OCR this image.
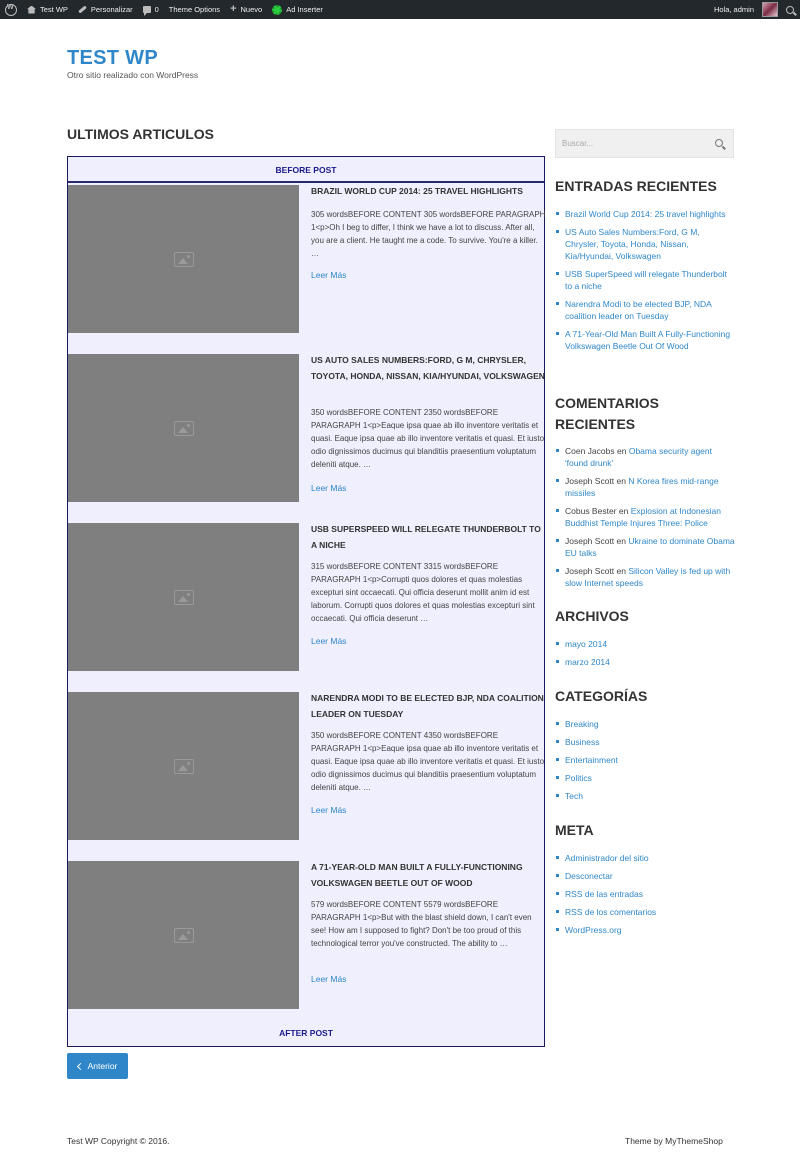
W
Test WP	Personalizar	0 Theme Options + Nuevo	Ad Inserter	Hola, admin
TEST WP
Otro sitio realizado con WordPress
ULTIMOS ARTICULOS
BEFORE POST
BRAZIL WORLD CUP 2014: 25 TRAVEL HIGHLIGHTS
305 wordsBEFORE CONTENT 305 wordsBEFORE PARAGRAPH 1<p>Oh I beg to differ, I think we have a lot to discuss. After all, you are a client. He taught me a code. To survive. You're a killer. …
Leer Más
US AUTO SALES NUMBERS:FORD, G M, CHRYSLER, TOYOTA, HONDA, NISSAN, KIA/HYUNDAI, VOLKSWAGEN
350 wordsBEFORE CONTENT 2350 wordsBEFORE PARAGRAPH 1<p>Eaque ipsa quae ab illo inventore veritatis et quasi. Eaque ipsa quae ab illo inventore veritatis et quasi. Et iusto odio dignissimos ducimus qui blanditiis praesentium voluptatum deleniti atque. …
Leer Más
USB SUPERSPEED WILL RELEGATE THUNDERBOLT TO A NICHE
315 wordsBEFORE CONTENT 3315 wordsBEFORE PARAGRAPH 1<p>Corrupti quos dolores et quas molestias excepturi sint occaecati. Qui officia deserunt mollit anim id est laborum. Corrupti quos dolores et quas molestias excepturi sint occaecati. Qui officia deserunt …
Leer Más
NARENDRA MODI TO BE ELECTED BJP, NDA COALITION LEADER ON TUESDAY
350 wordsBEFORE CONTENT 4350 wordsBEFORE PARAGRAPH 1<p>Eaque ipsa quae ab illo inventore veritatis et quasi. Eaque ipsa quae ab illo inventore veritatis et quasi. Et iusto odio dignissimos ducimus qui blanditiis praesentium voluptatum deleniti atque. …
Leer Más
A 71-YEAR-OLD MAN BUILT A FULLY-FUNCTIONING VOLKSWAGEN BEETLE OUT OF WOOD
579 wordsBEFORE CONTENT 5579 wordsBEFORE PARAGRAPH 1<p>But with the blast shield down, I can't even see! How am I supposed to fight? Don't be too proud of this technological terror you've constructed. The ability to …
Leer Más
AFTER POST
Anterior
Buscar...
ENTRADAS RECIENTES
Brazil World Cup 2014: 25 travel highlights
US Auto Sales Numbers:Ford, G M, Chrysler, Toyota, Honda, Nissan, Kia/Hyundai, Volkswagen
USB SuperSpeed will relegate Thunderbolt to a niche
Narendra Modi to be elected BJP, NDA coalition leader on Tuesday
A 71-Year-Old Man Built A Fully-Functioning Volkswagen Beetle Out Of Wood
COMENTARIOS
RECIENTES
Coen Jacobs en Obama security agent 'found drunk'
Joseph Scott en N Korea fires mid-range missiles
Cobus Bester en Explosion at Indonesian Buddhist Temple Injures Three: Police
Joseph Scott en Ukraine to dominate Obama EU talks
Joseph Scott en Silicon Valley is fed up with slow Internet speeds
ARCHIVOS
mayo 2014
marzo 2014
CATEGORÍAS
Breaking
Business
Entertainment
Politics
Tech
META
Administrador del sitio
Desconectar
RSS de las entradas
RSS de los comentarios
WordPress.org
Test WP Copyright © 2016.	Theme by MyThemeShop
